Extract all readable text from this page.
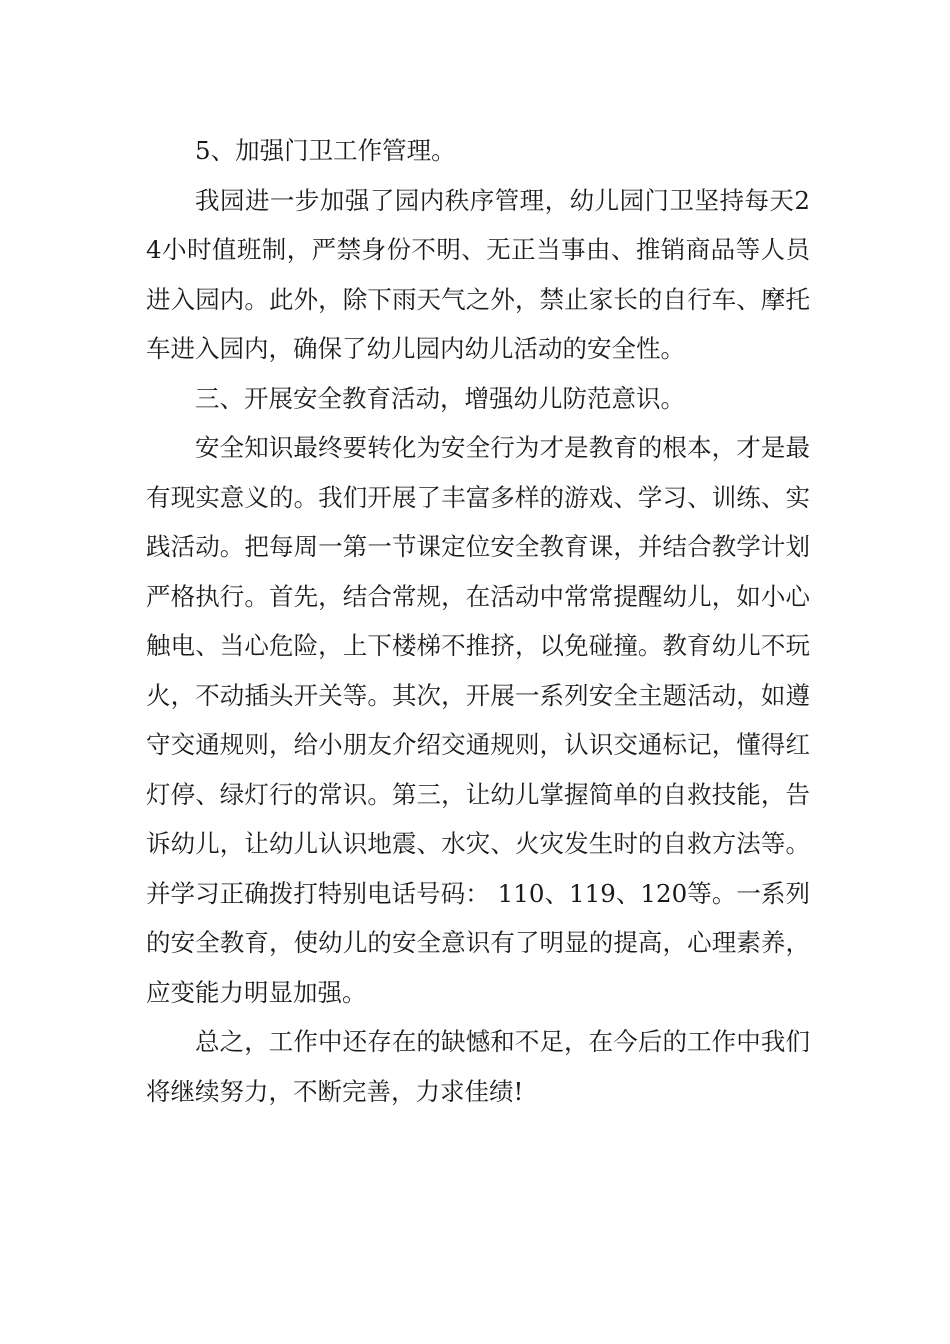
5、加强门卫工作管理。

我园进一步加强了园内秩序管理，幼儿园门卫坚持每天24小时值班制，严禁身份不明、无正当事由、推销商品等人员进入园内。此外，除下雨天气之外，禁止家长的自行车、摩托车进入园内，确保了幼儿园内幼儿活动的安全性。

三、开展安全教育活动，增强幼儿防范意识。

安全知识最终要转化为安全行为才是教育的根本，才是最有现实意义的。我们开展了丰富多样的游戏、学习、训练、实践活动。把每周一第一节课定位安全教育课，并结合教学计划严格执行。首先，结合常规，在活动中常常提醒幼儿，如小心触电、当心危险，上下楼梯不推挤，以免碰撞。教育幼儿不玩火，不动插头开关等。其次，开展一系列安全主题活动，如遵守交通规则，给小朋友介绍交通规则，认识交通标记，懂得红灯停、绿灯行的常识。第三，让幼儿掌握简单的自救技能，告诉幼儿，让幼儿认识地震、水灾、火灾发生时的自救方法等。并学习正确拨打特别电话号码： 110、119、120等。一系列的安全教育，使幼儿的安全意识有了明显的提高，心理素养，应变能力明显加强。

总之，工作中还存在的缺憾和不足，在今后的工作中我们将继续努力，不断完善，力求佳绩!
